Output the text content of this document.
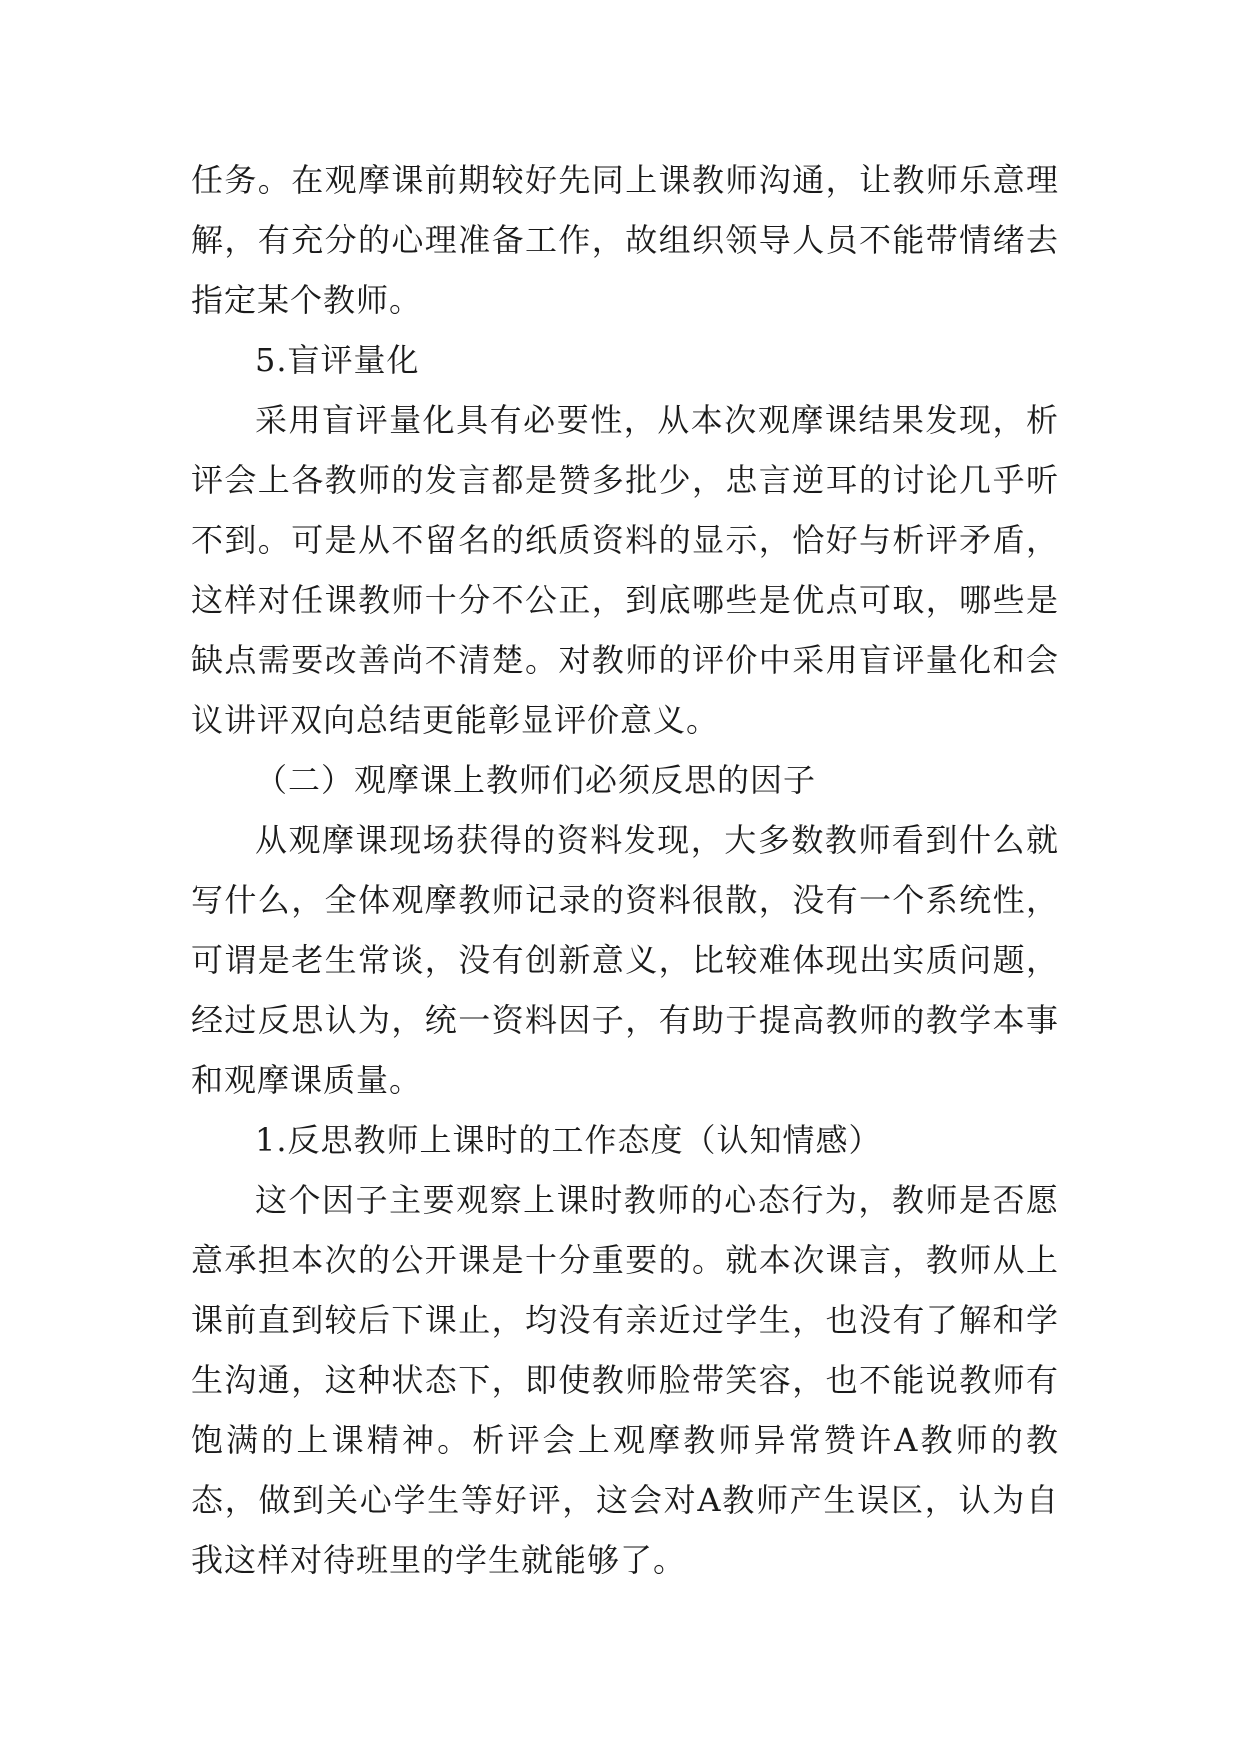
任务。在观摩课前期较好先同上课教师沟通，让教师乐意理解，有充分的心理准备工作，故组织领导人员不能带情绪去指定某个教师。

5.盲评量化

采用盲评量化具有必要性，从本次观摩课结果发现，析评会上各教师的发言都是赞多批少，忠言逆耳的讨论几乎听不到。可是从不留名的纸质资料的显示，恰好与析评矛盾，这样对任课教师十分不公正，到底哪些是优点可取，哪些是缺点需要改善尚不清楚。对教师的评价中采用盲评量化和会议讲评双向总结更能彰显评价意义。

（二）观摩课上教师们必须反思的因子

从观摩课现场获得的资料发现，大多数教师看到什么就写什么，全体观摩教师记录的资料很散，没有一个系统性，可谓是老生常谈，没有创新意义，比较难体现出实质问题，经过反思认为，统一资料因子，有助于提高教师的教学本事和观摩课质量。

1.反思教师上课时的工作态度（认知情感）

这个因子主要观察上课时教师的心态行为，教师是否愿意承担本次的公开课是十分重要的。就本次课言，教师从上课前直到较后下课止，均没有亲近过学生，也没有了解和学生沟通，这种状态下，即使教师脸带笑容，也不能说教师有饱满的上课精神。析评会上观摩教师异常赞许A教师的教态，做到关心学生等好评，这会对A教师产生误区，认为自我这样对待班里的学生就能够了。
